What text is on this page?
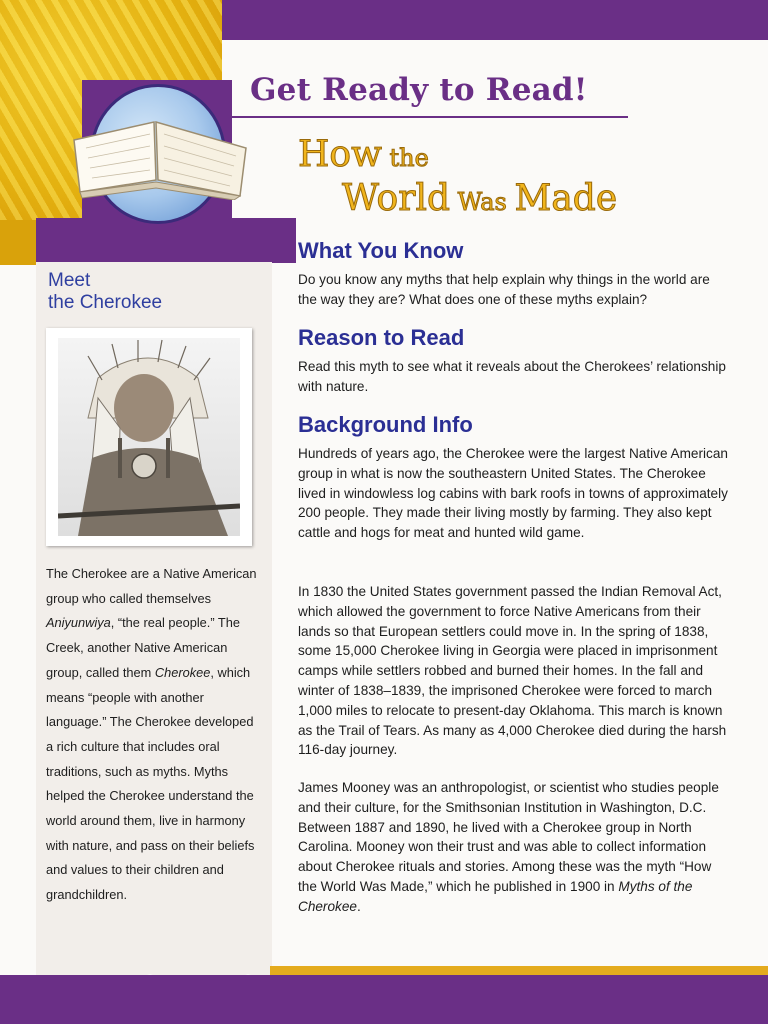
Get Ready to Read!
How the
World Was Made
Meet
the Cherokee
The Cherokee are a Native American group who called themselves Aniyunwiya, “the real people.” The Creek, another Native American group, called them Cherokee, which means “people with another language.” The Cherokee developed a rich culture that includes oral traditions, such as myths. Myths helped the Cherokee understand the world around them, live in harmony with nature, and pass on their beliefs and values to their children and grandchildren.
What You Know
Do you know any myths that help explain why things in the world are the way they are? What does one of these myths explain?
Reason to Read
Read this myth to see what it reveals about the Cherokees’ relationship with nature.
Background Info
Hundreds of years ago, the Cherokee were the largest Native American group in what is now the southeastern United States. The Cherokee lived in windowless log cabins with bark roofs in towns of approximately 200 people. They made their living mostly by farming. They also kept cattle and hogs for meat and hunted wild game.
In 1830 the United States government passed the Indian Removal Act, which allowed the government to force Native Americans from their lands so that European settlers could move in. In the spring of 1838, some 15,000 Cherokee living in Georgia were placed in imprisonment camps while settlers robbed and burned their homes. In the fall and winter of 1838–1839, the imprisoned Cherokee were forced to march 1,000 miles to relocate to present-day Oklahoma. This march is known as the Trail of Tears. As many as 4,000 Cherokee died during the harsh 116-day journey.
James Mooney was an anthropologist, or scientist who studies people and their culture, for the Smithsonian Institution in Washington, D.C. Between 1887 and 1890, he lived with a Cherokee group in North Carolina. Mooney won their trust and was able to collect information about Cherokee rituals and stories. Among these was the myth “How the World Was Made,” which he published in 1900 in Myths of the Cherokee.
